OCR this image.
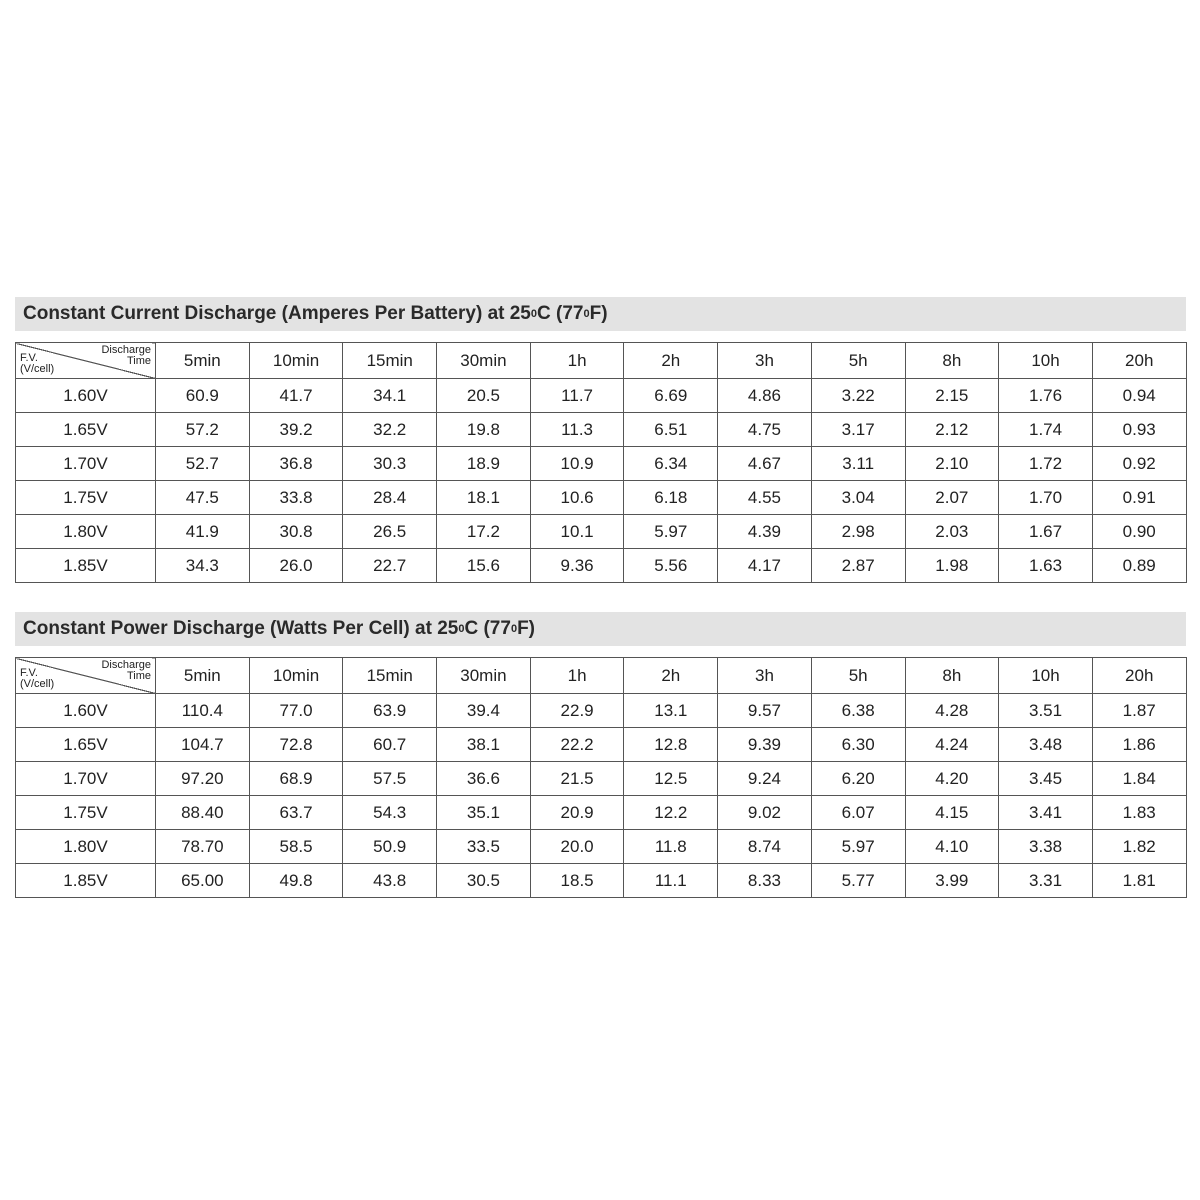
Constant Current Discharge (Amperes Per Battery) at 25 0 C (77 0 F)
Discharge
Time
F.V.
(V/cell)	5min	10min	15min	30min	1h	2h	3h	5h	8h	10h	20h
1.60V	60.9	41.7	34.1	20.5	11.7	6.69	4.86	3.22	2.15	1.76	0.94
1.65V	57.2	39.2	32.2	19.8	11.3	6.51	4.75	3.17	2.12	1.74	0.93
1.70V	52.7	36.8	30.3	18.9	10.9	6.34	4.67	3.11	2.10	1.72	0.92
1.75V	47.5	33.8	28.4	18.1	10.6	6.18	4.55	3.04	2.07	1.70	0.91
1.80V	41.9	30.8	26.5	17.2	10.1	5.97	4.39	2.98	2.03	1.67	0.90
1.85V	34.3	26.0	22.7	15.6	9.36	5.56	4.17	2.87	1.98	1.63	0.89
Constant Power Discharge (Watts Per Cell) at 25 0 C (77 0 F)
Discharge
Time
F.V.
(V/cell)	5min	10min	15min	30min	1h	2h	3h	5h	8h	10h	20h
1.60V	110.4	77.0	63.9	39.4	22.9	13.1	9.57	6.38	4.28	3.51	1.87
1.65V	104.7	72.8	60.7	38.1	22.2	12.8	9.39	6.30	4.24	3.48	1.86
1.70V	97.20	68.9	57.5	36.6	21.5	12.5	9.24	6.20	4.20	3.45	1.84
1.75V	88.40	63.7	54.3	35.1	20.9	12.2	9.02	6.07	4.15	3.41	1.83
1.80V	78.70	58.5	50.9	33.5	20.0	11.8	8.74	5.97	4.10	3.38	1.82
1.85V	65.00	49.8	43.8	30.5	18.5	11.1	8.33	5.77	3.99	3.31	1.81
